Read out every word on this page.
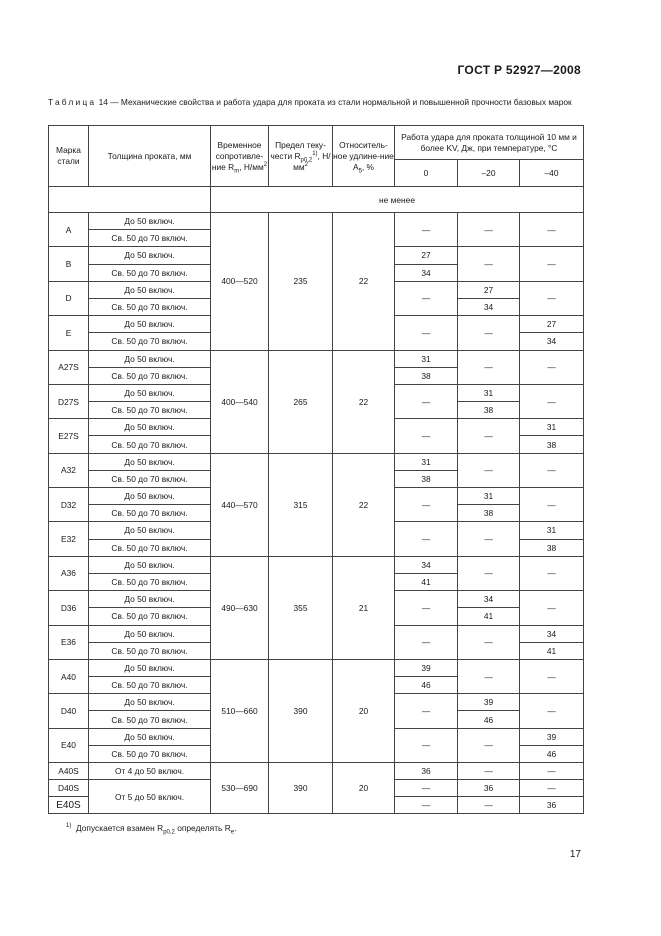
ГОСТ Р 52927—2008
Таблица 14 — Механические свойства и работа удара для проката из стали нормальной и повышенной прочности базовых марок
Марка стали	Толщина проката, мм	Временное сопротивле-ние $R_m$, $Н/мм^2$	Предел теку-чести $R_{p0,2}^{1)}$, $Н/мм^2$	Относитель-ное удлине-ние $A_5$, %	Работа удара для проката толщиной 10 мм и более KV, Дж, при температуре, °С		
					0	–20	–40
		не менее					
A	До 50 включ.	400—520	235	22	—	—	—
	Св. 50 до 70 включ.						
B	До 50 включ.				27	—	—
	Св. 50 до 70 включ.				34		
D	До 50 включ.				—	27	—
	Св. 50 до 70 включ.					34	
E	До 50 включ.				—	—	27
	Св. 50 до 70 включ.						34
A27S	До 50 включ.	400—540	265	22	31	—	—
	Св. 50 до 70 включ.				38		
D27S	До 50 включ.				—	31	—
	Св. 50 до 70 включ.					38	
E27S	До 50 включ.				—	—	31
	Св. 50 до 70 включ.						38
A32	До 50 включ.	440—570	315	22	31	—	—
	Св. 50 до 70 включ.				38		
D32	До 50 включ.				—	31	—
	Св. 50 до 70 включ.					38	
E32	До 50 включ.				—	—	31
	Св. 50 до 70 включ.						38
A36	До 50 включ.	490—630	355	21	34	—	—
	Св. 50 до 70 включ.				41		
D36	До 50 включ.				—	34	—
	Св. 50 до 70 включ.					41	
E36	До 50 включ.				—	—	34
	Св. 50 до 70 включ.						41
A40	До 50 включ.	510—660	390	20	39	—	—
	Св. 50 до 70 включ.				46		
D40	До 50 включ.				—	39	—
	Св. 50 до 70 включ.					46	
E40	До 50 включ.				—	—	39
	Св. 50 до 70 включ.						46
A40S	От 4 до 50 включ.	530—690	390	20	36	—	—
D40S	От 5 до 50 включ.				—	36	—
E40S					—	—	36
$^{1)}$ Допускается взамен $R_{p0,2}$ определять $R_e$.
17
